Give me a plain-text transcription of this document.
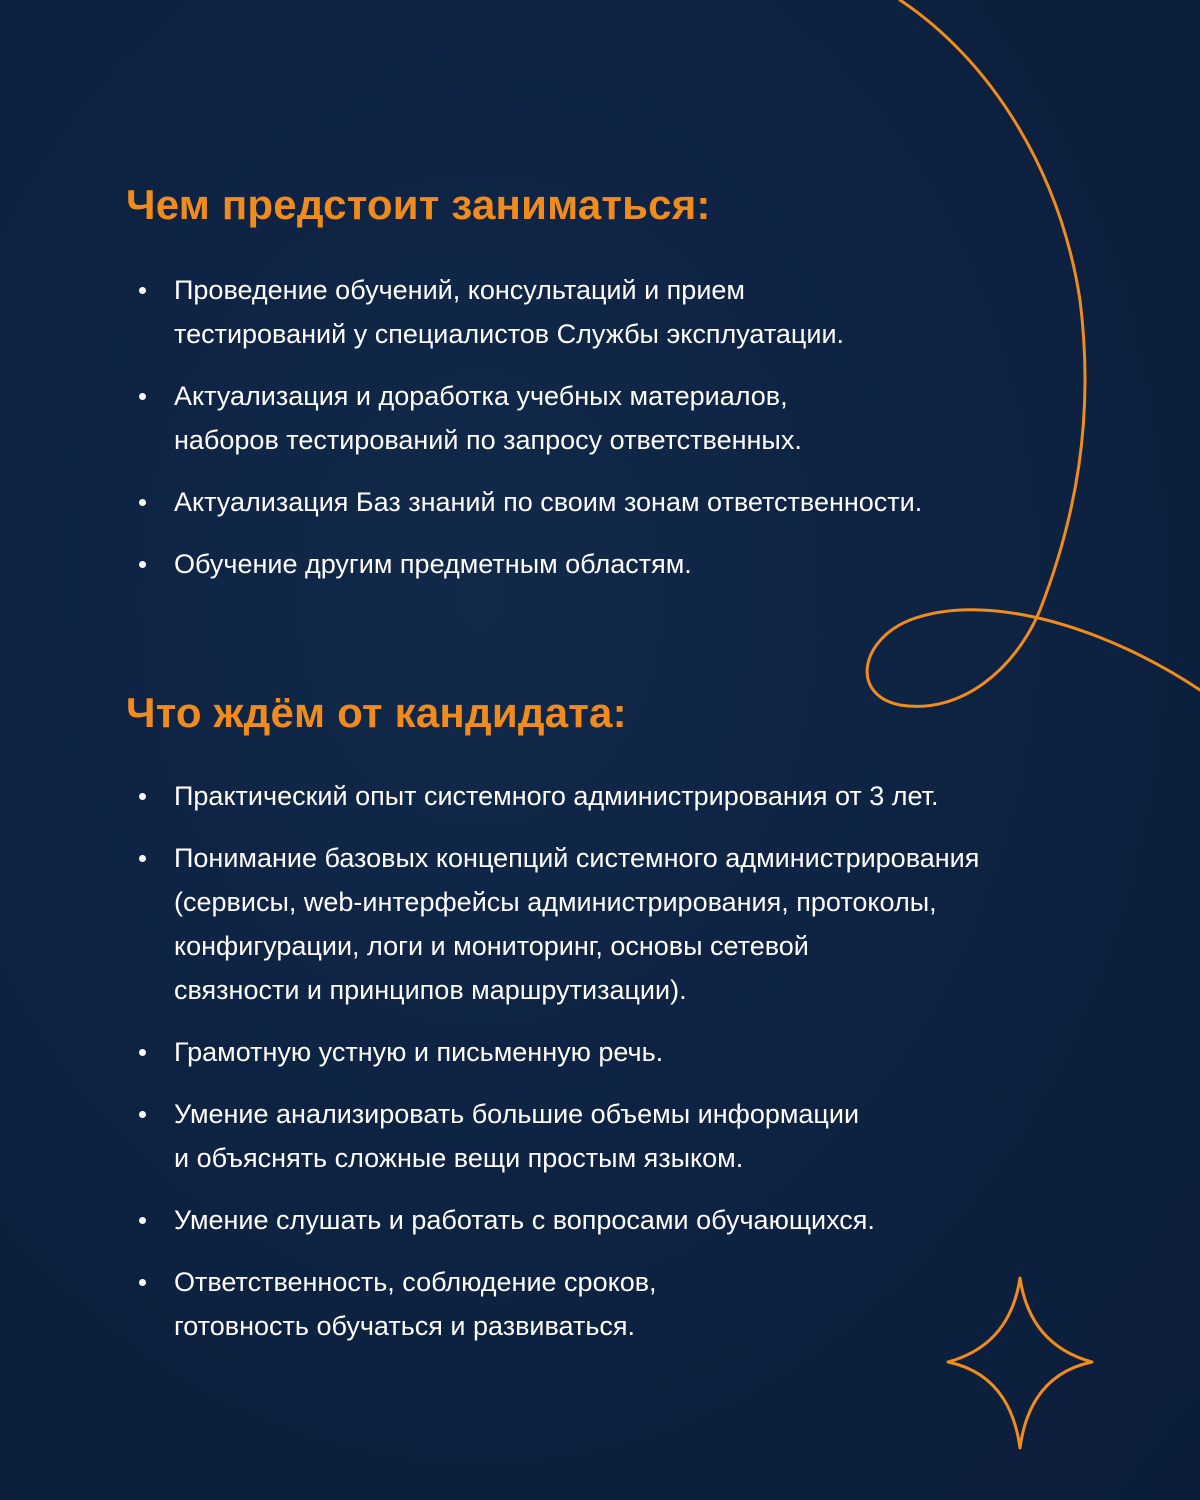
Чем предстоит заниматься:
Проведение обучений, консультаций и прием
тестирований у специалистов Службы эксплуатации.
Актуализация и доработка учебных материалов,
наборов тестирований по запросу ответственных.
Актуализация Баз знаний по своим зонам ответственности.
Обучение другим предметным областям.
Что ждём от кандидата:
Практический опыт системного администрирования от 3 лет.
Понимание базовых концепций системного администрирования
(сервисы, web-интерфейсы администрирования, протоколы,
конфигурации, логи и мониторинг, основы сетевой
связности и принципов маршрутизации).
Грамотную устную и письменную речь.
Умение анализировать большие объемы информации
и объяснять сложные вещи простым языком.
Умение слушать и работать с вопросами обучающихся.
Ответственность, соблюдение сроков,
готовность обучаться и развиваться.
